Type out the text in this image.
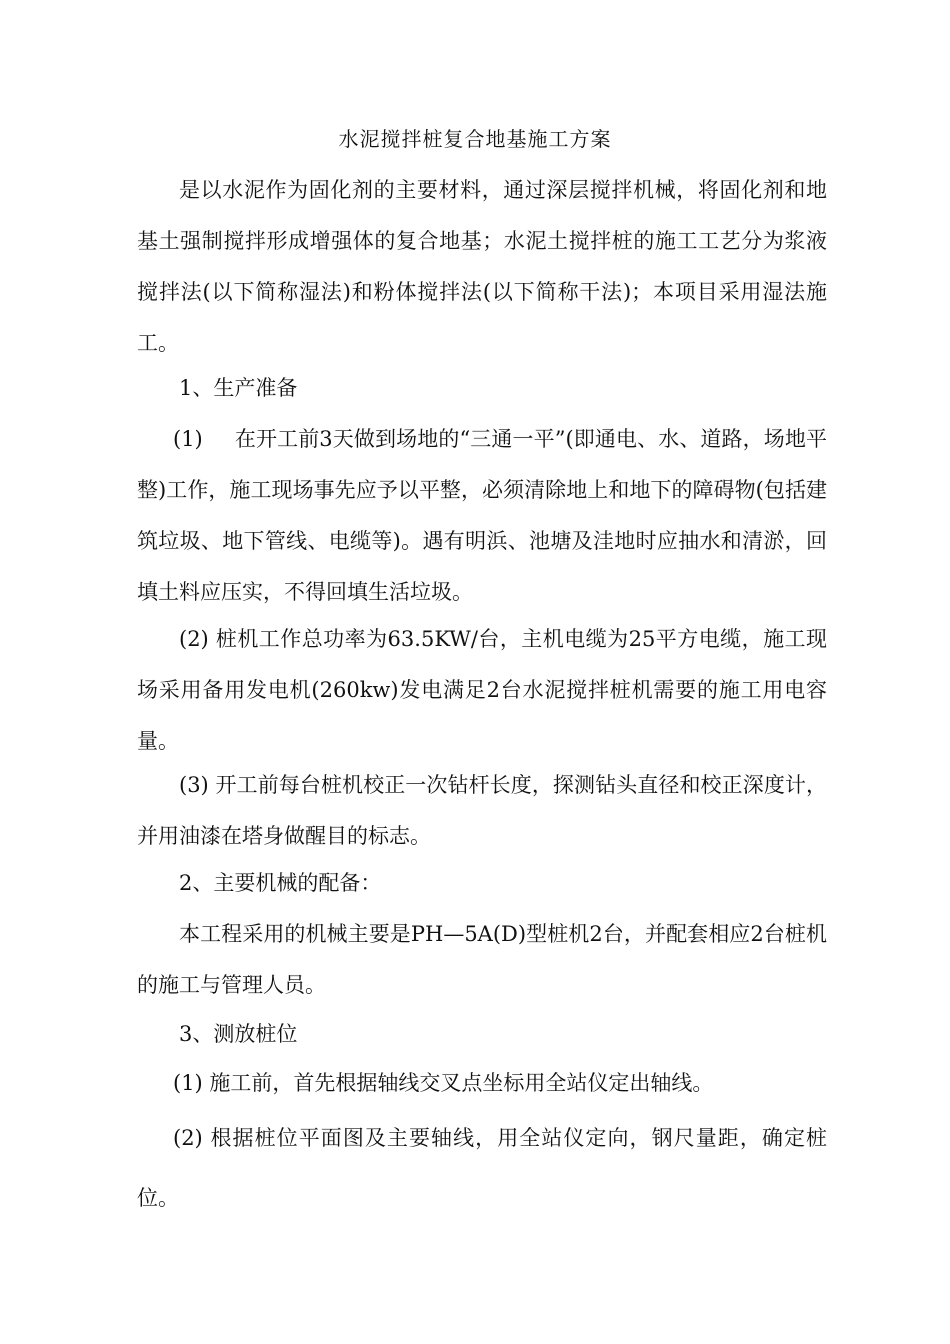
水泥搅拌桩复合地基施工方案
是以水泥作为固化剂的主要材料，通过深层搅拌机械，将固化剂和地基土强制搅拌形成增强体的复合地基；水泥土搅拌桩的施工工艺分为浆液搅拌法(以下简称湿法)和粉体搅拌法(以下简称干法)；本项目采用湿法施工。
1、生产准备
(1) 在开工前3天做到场地的“三通一平”(即通电、水、道路，场地平整)工作，施工现场事先应予以平整，必须清除地上和地下的障碍物(包括建筑垃圾、地下管线、电缆等)。遇有明浜、池塘及洼地时应抽水和清淤，回填土料应压实，不得回填生活垃圾。
(2) 桩机工作总功率为63.5KW/台，主机电缆为25平方电缆，施工现场采用备用发电机(260kw)发电满足2台水泥搅拌桩机需要的施工用电容量。
(3) 开工前每台桩机校正一次钻杆长度，探测钻头直径和校正深度计，并用油漆在塔身做醒目的标志。
2、主要机械的配备：
本工程采用的机械主要是PH—5A(D)型桩机2台，并配套相应2台桩机的施工与管理人员。
3、测放桩位
(1) 施工前，首先根据轴线交叉点坐标用全站仪定出轴线。
(2) 根据桩位平面图及主要轴线，用全站仪定向，钢尺量距，确定桩位。
